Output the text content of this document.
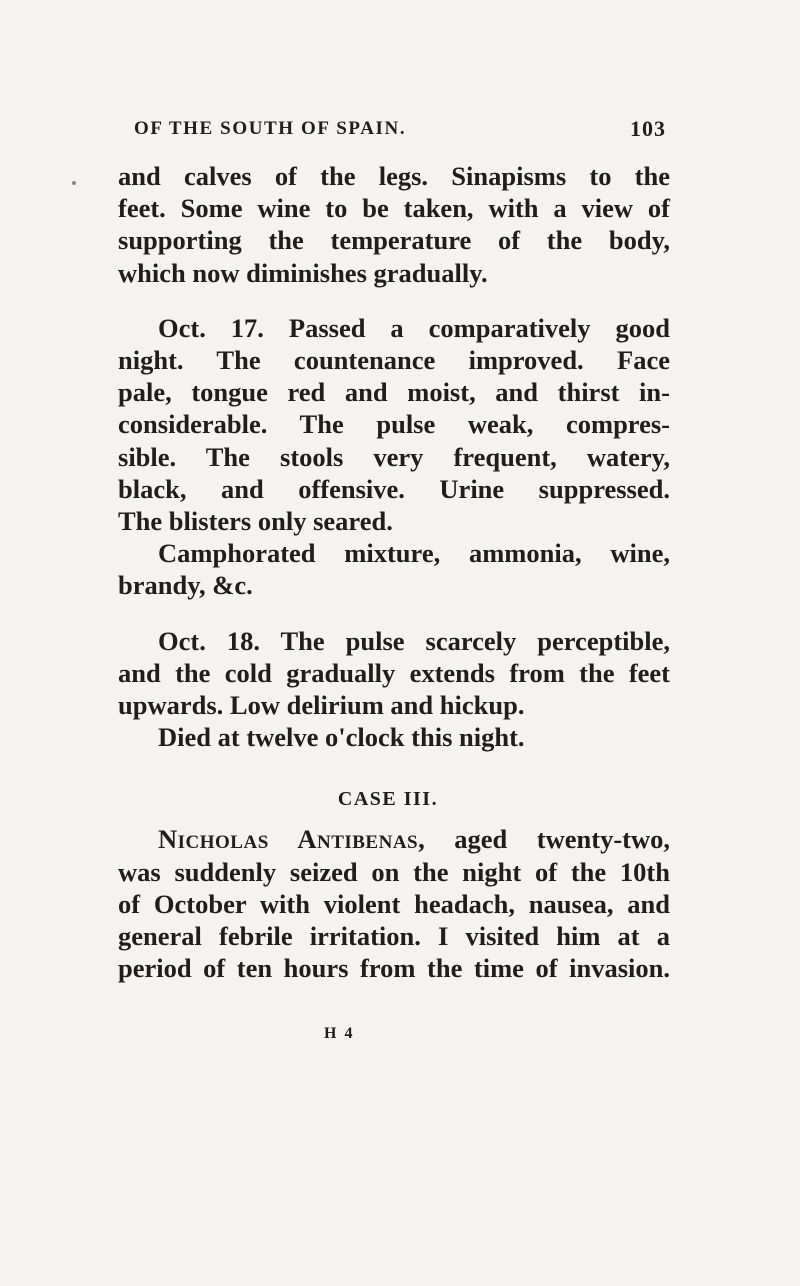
OF THE SOUTH OF SPAIN.	103
and calves of the legs. Sinapisms to the
feet. Some wine to be taken, with a view of
supporting the temperature of the body,
which now diminishes gradually.
Oct. 17. Passed a comparatively good
night. The countenance improved. Face
pale, tongue red and moist, and thirst in-
considerable. The pulse weak, compres-
sible. The stools very frequent, watery,
black, and offensive. Urine suppressed.
The blisters only seared.
Camphorated mixture, ammonia, wine,
brandy, &c.
Oct. 18. The pulse scarcely perceptible,
and the cold gradually extends from the feet
upwards. Low delirium and hickup.
Died at twelve o'clock this night.
CASE III.
Nicholas Antibenas, aged twenty-two,
was suddenly seized on the night of the 10th
of October with violent headach, nausea, and
general febrile irritation. I visited him at a
period of ten hours from the time of invasion.
H 4
